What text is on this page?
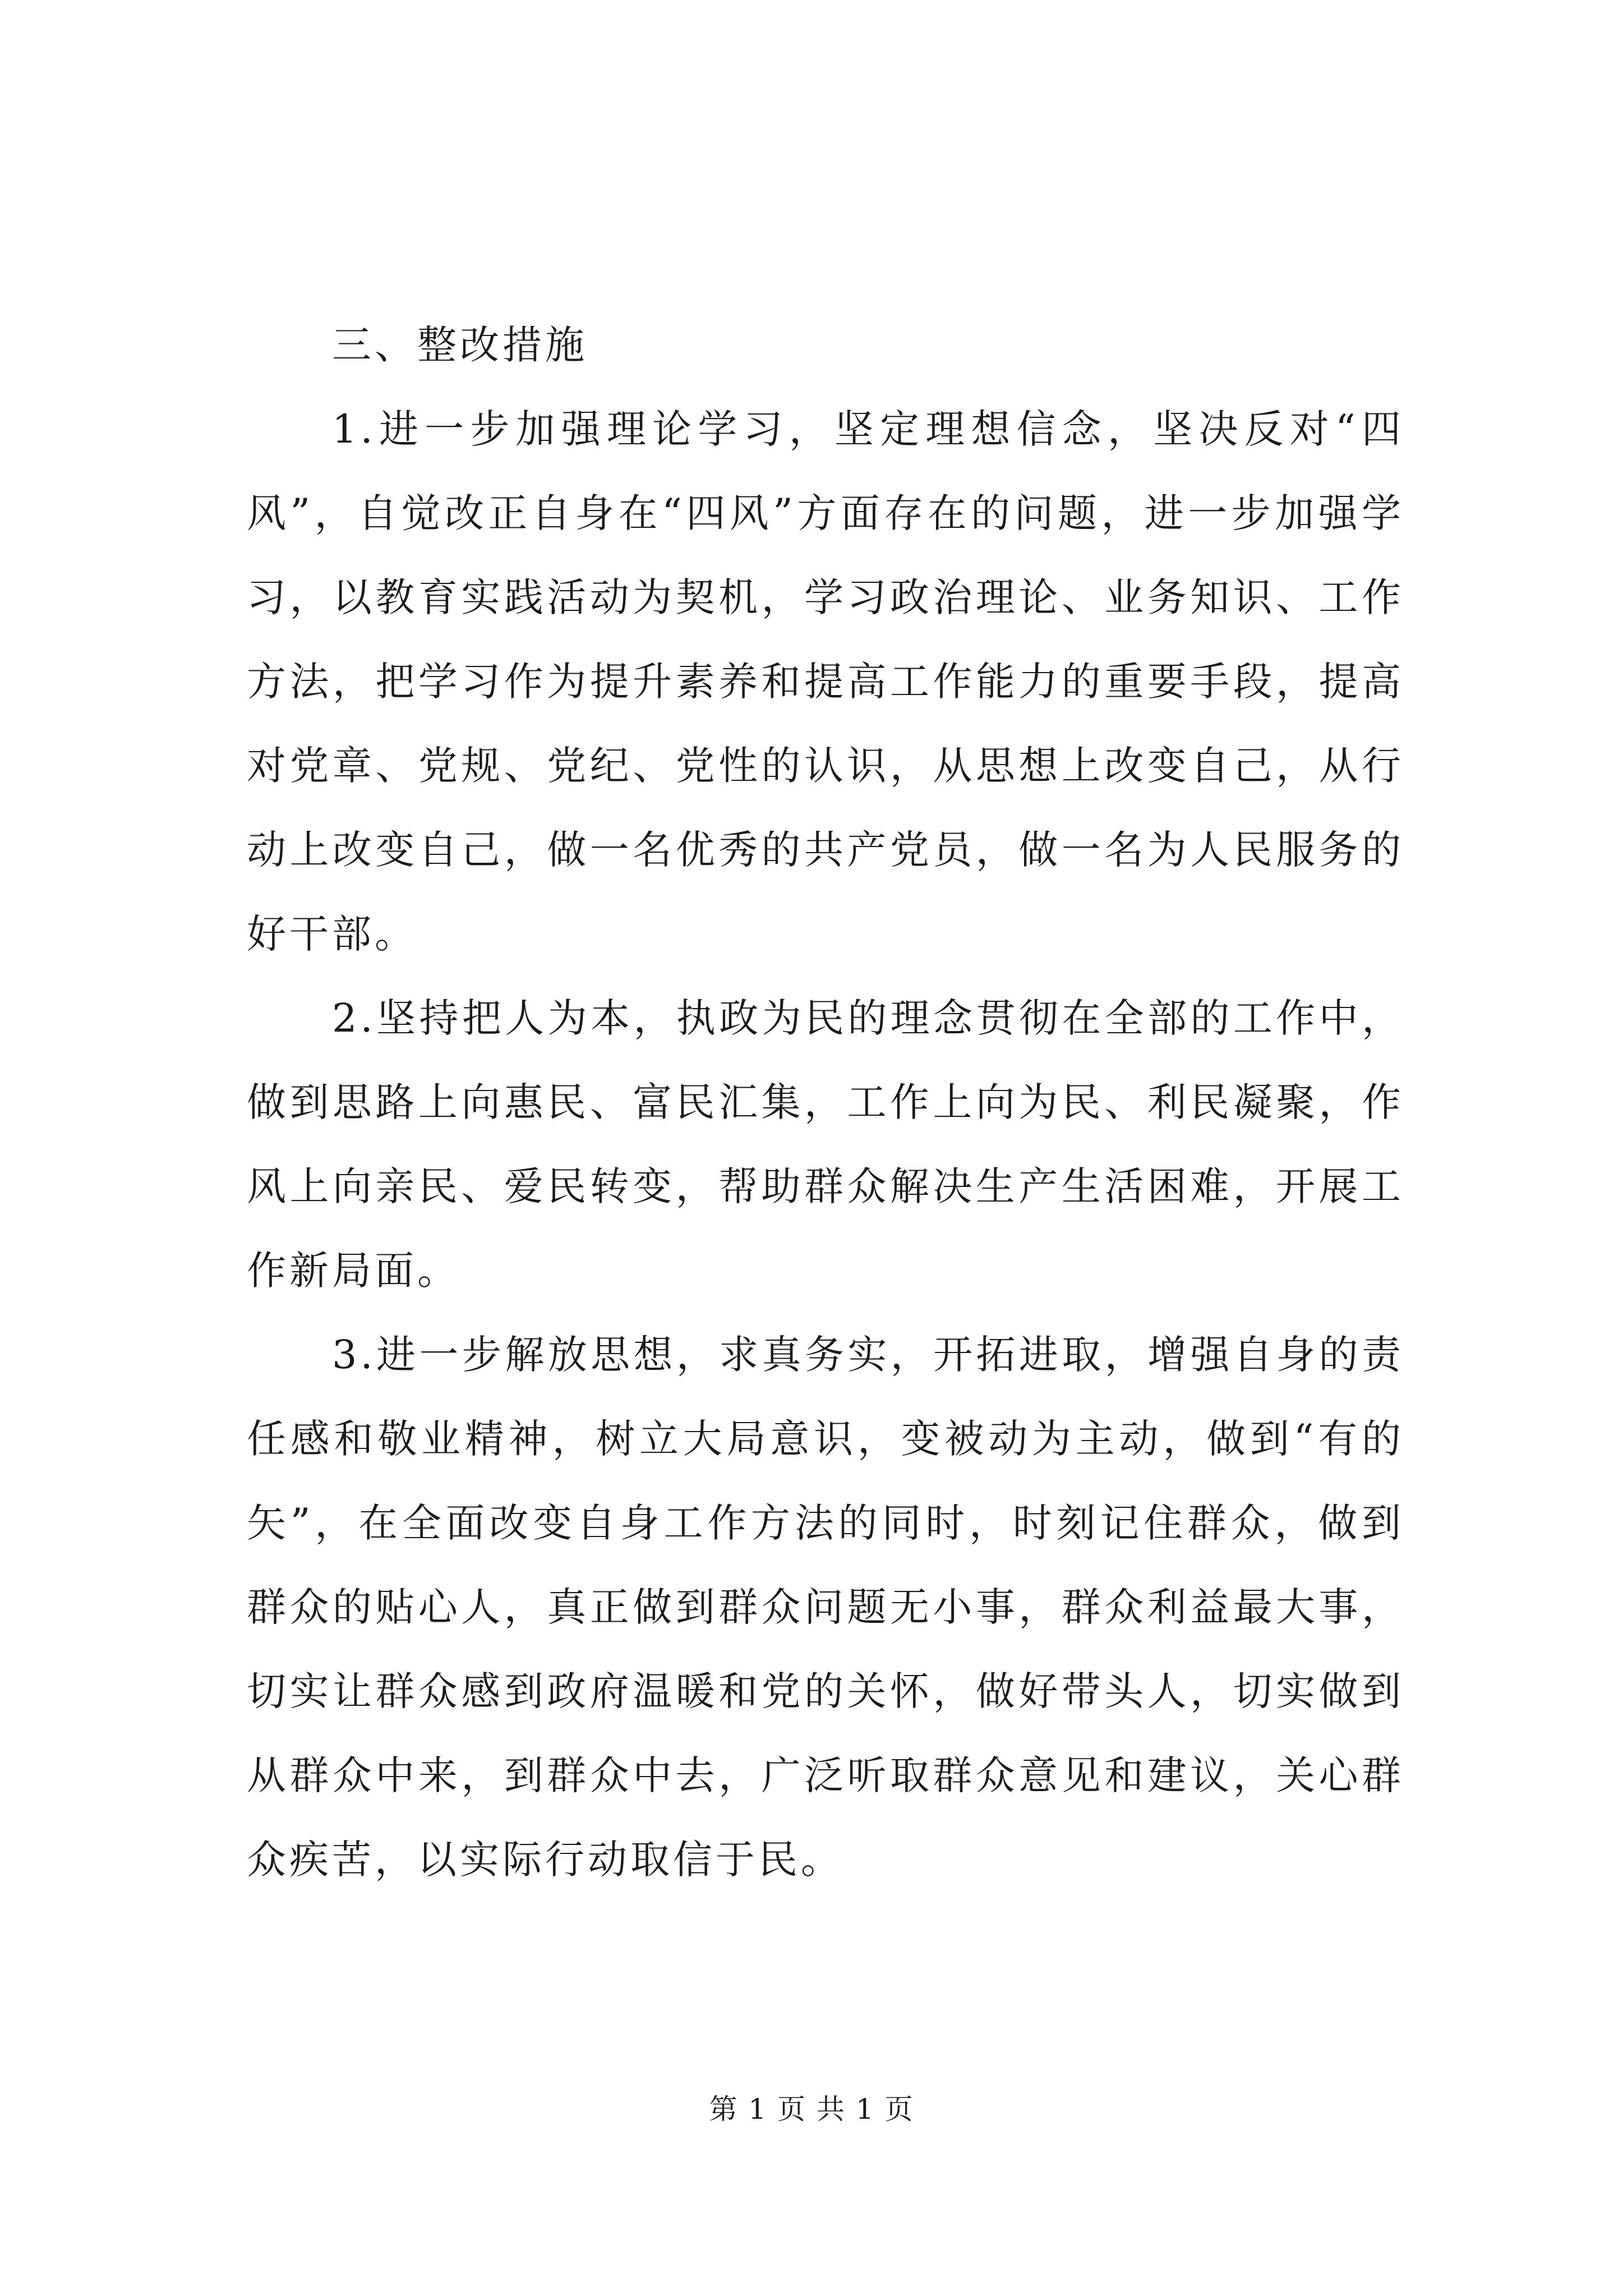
三、整改措施

1.进一步加强理论学习，坚定理想信念，坚决反对“四风”，自觉改正自身在“四风”方面存在的问题，进一步加强学习，以教育实践活动为契机，学习政治理论、业务知识、工作方法，把学习作为提升素养和提高工作能力的重要手段，提高对党章、党规、党纪、党性的认识，从思想上改变自己，从行动上改变自己，做一名优秀的共产党员，做一名为人民服务的好干部。

2.坚持把人为本，执政为民的理念贯彻在全部的工作中，做到思路上向惠民、富民汇集，工作上向为民、利民凝聚，作风上向亲民、爱民转变，帮助群众解决生产生活困难，开展工作新局面。

3.进一步解放思想，求真务实，开拓进取，增强自身的责任感和敬业精神，树立大局意识，变被动为主动，做到“有的矢”，在全面改变自身工作方法的同时，时刻记住群众，做到群众的贴心人，真正做到群众问题无小事，群众利益最大事，切实让群众感到政府温暖和党的关怀，做好带头人，切实做到从群众中来，到群众中去，广泛听取群众意见和建议，关心群众疾苦，以实际行动取信于民。

第 1 页 共 1 页
